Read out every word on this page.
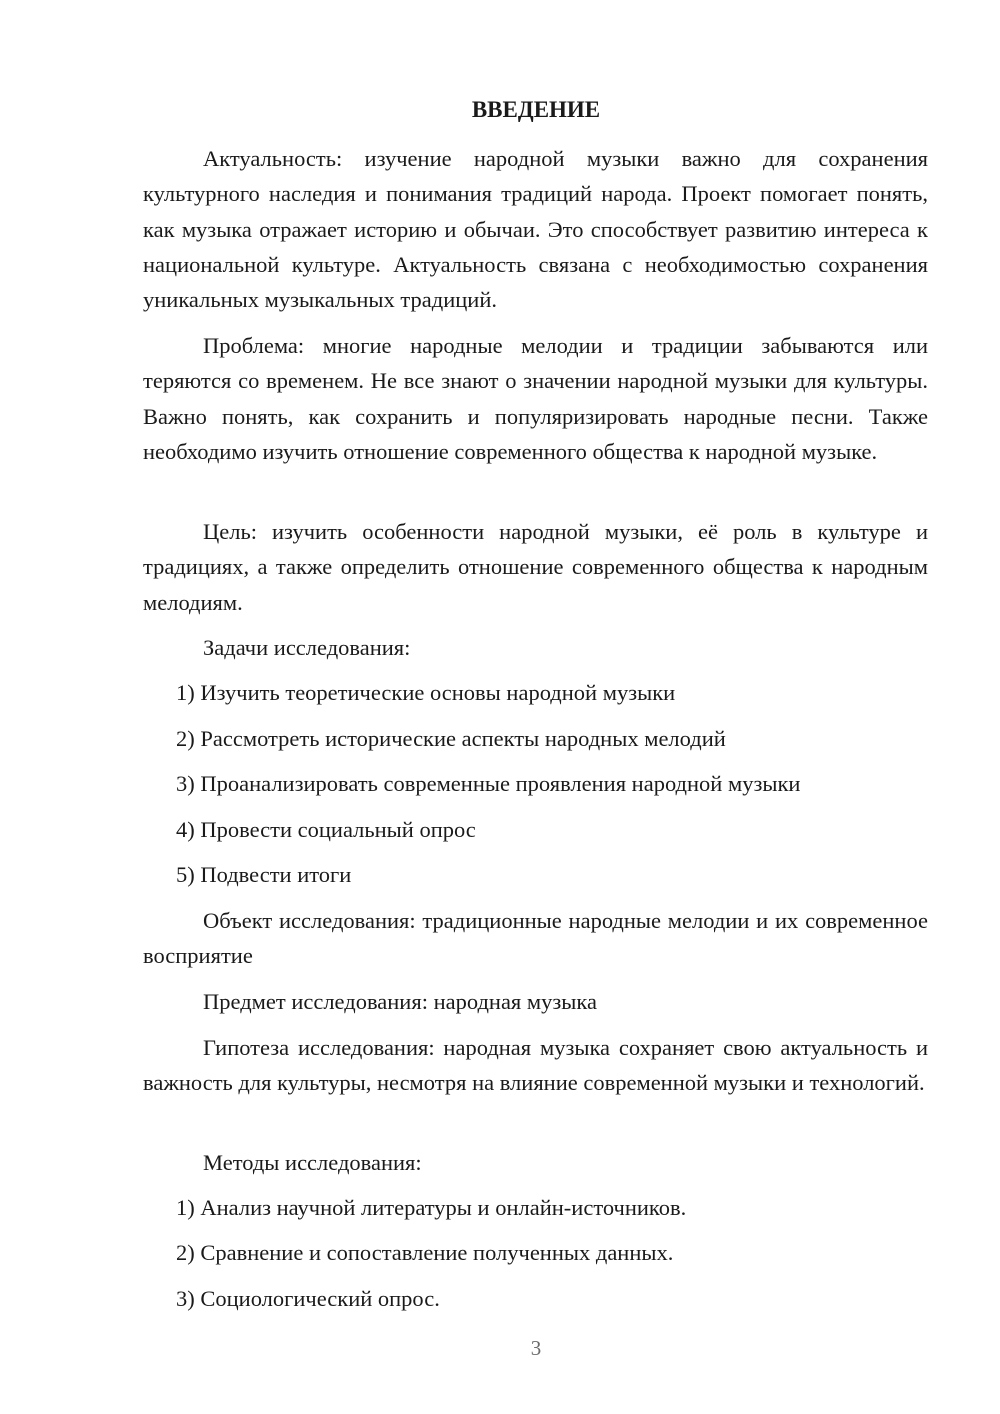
ВВЕДЕНИЕ

Актуальность: изучение народной музыки важно для сохранения культурного наследия и понимания традиций народа. Проект помогает понять, как музыка отражает историю и обычаи. Это способствует развитию интереса к национальной культуре. Актуальность связана с необходимостью сохранения уникальных музыкальных традиций.

Проблема: многие народные мелодии и традиции забываются или теряются со временем. Не все знают о значении народной музыки для культуры. Важно понять, как сохранить и популяризировать народные песни. Также необходимо изучить отношение современного общества к народной музыке.

Цель: изучить особенности народной музыки, её роль в культуре и традициях, а также определить отношение современного общества к народным мелодиям.

Задачи исследования:

1) Изучить теоретические основы народной музыки

2) Рассмотреть исторические аспекты народных мелодий

3) Проанализировать современные проявления народной музыки

4) Провести социальный опрос

5) Подвести итоги

Объект исследования: традиционные народные мелодии и их современное восприятие

Предмет исследования: народная музыка

Гипотеза исследования: народная музыка сохраняет свою актуальность и важность для культуры, несмотря на влияние современной музыки и технологий.

Методы исследования:

1) Анализ научной литературы и онлайн-источников.

2) Сравнение и сопоставление полученных данных.

3) Социологический опрос.

3
